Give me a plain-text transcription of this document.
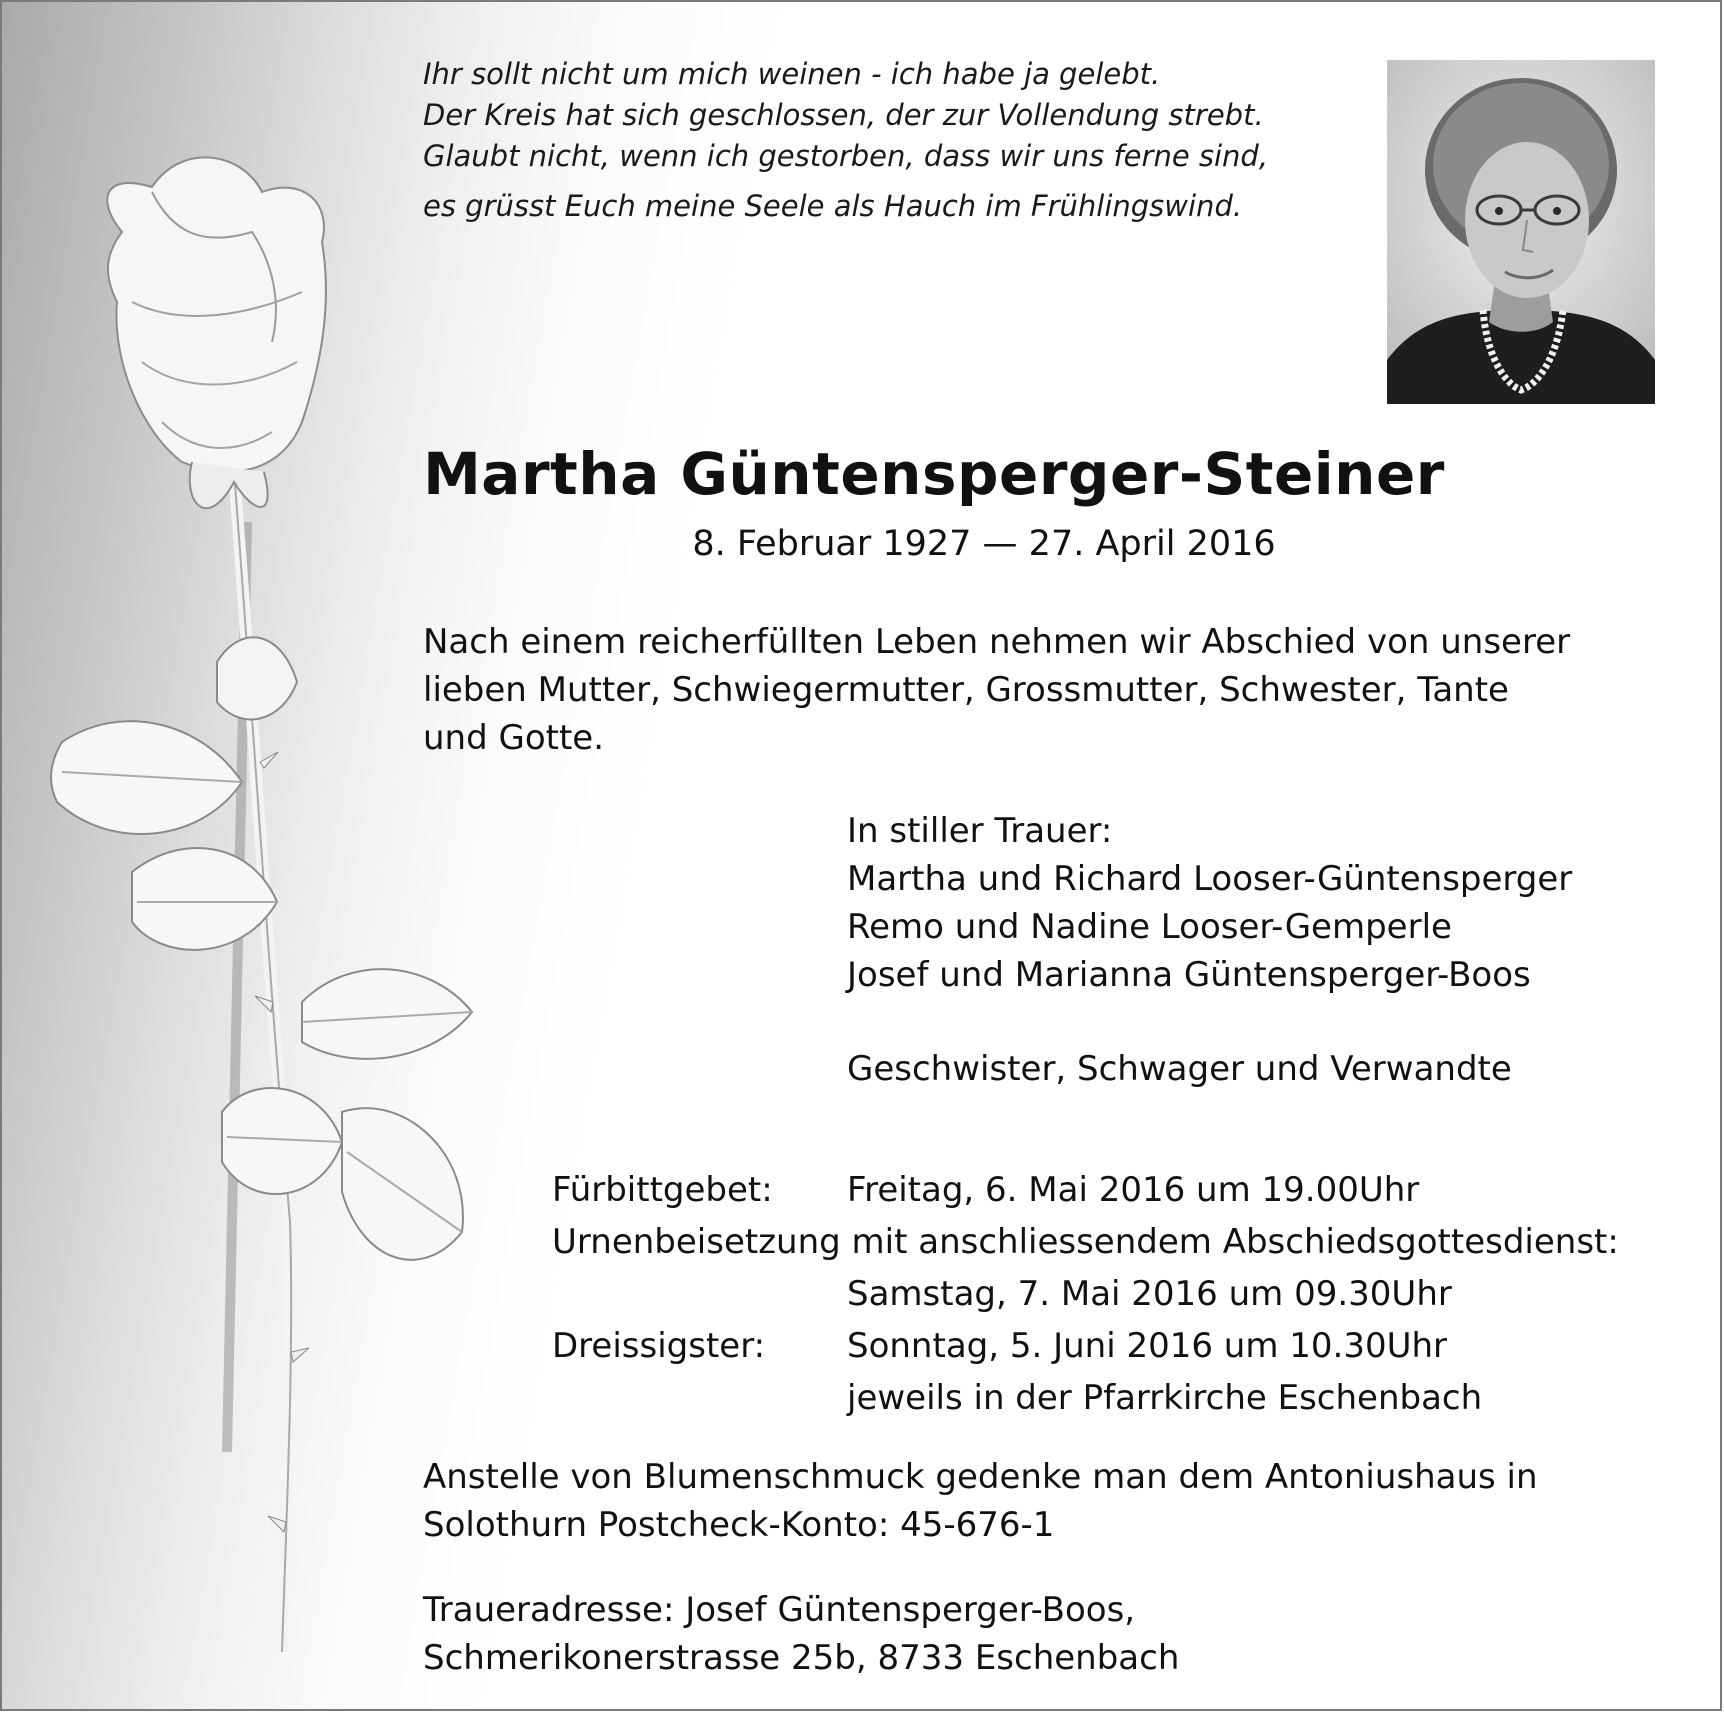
Ihr sollt nicht um mich weinen - ich habe ja gelebt.
Der Kreis hat sich geschlossen, der zur Vollendung strebt.
Glaubt nicht, wenn ich gestorben, dass wir uns ferne sind,
es grüsst Euch meine Seele als Hauch im Frühlingswind.
Martha Güntensperger-Steiner
8. Februar 1927 — 27. April 2016
Nach einem reicherfüllten Leben nehmen wir Abschied von unserer
lieben Mutter, Schwiegermutter, Grossmutter, Schwester, Tante
und Gotte.
In stiller Trauer:
Martha und Richard Looser-Güntensperger
Remo und Nadine Looser-Gemperle
Josef und Marianna Güntensperger-Boos
Geschwister, Schwager und Verwandte
Fürbittgebet: Freitag, 6. Mai 2016 um 19.00Uhr
Urnenbeisetzung mit anschliessendem Abschiedsgottesdienst:
Samstag, 7. Mai 2016 um 09.30Uhr
Dreissigster: Sonntag, 5. Juni 2016 um 10.30Uhr
jeweils in der Pfarrkirche Eschenbach
Anstelle von Blumenschmuck gedenke man dem Antoniushaus in
Solothurn Postcheck-Konto: 45-676-1
Traueradresse: Josef Güntensperger-Boos,
Schmerikonerstrasse 25b, 8733 Eschenbach
